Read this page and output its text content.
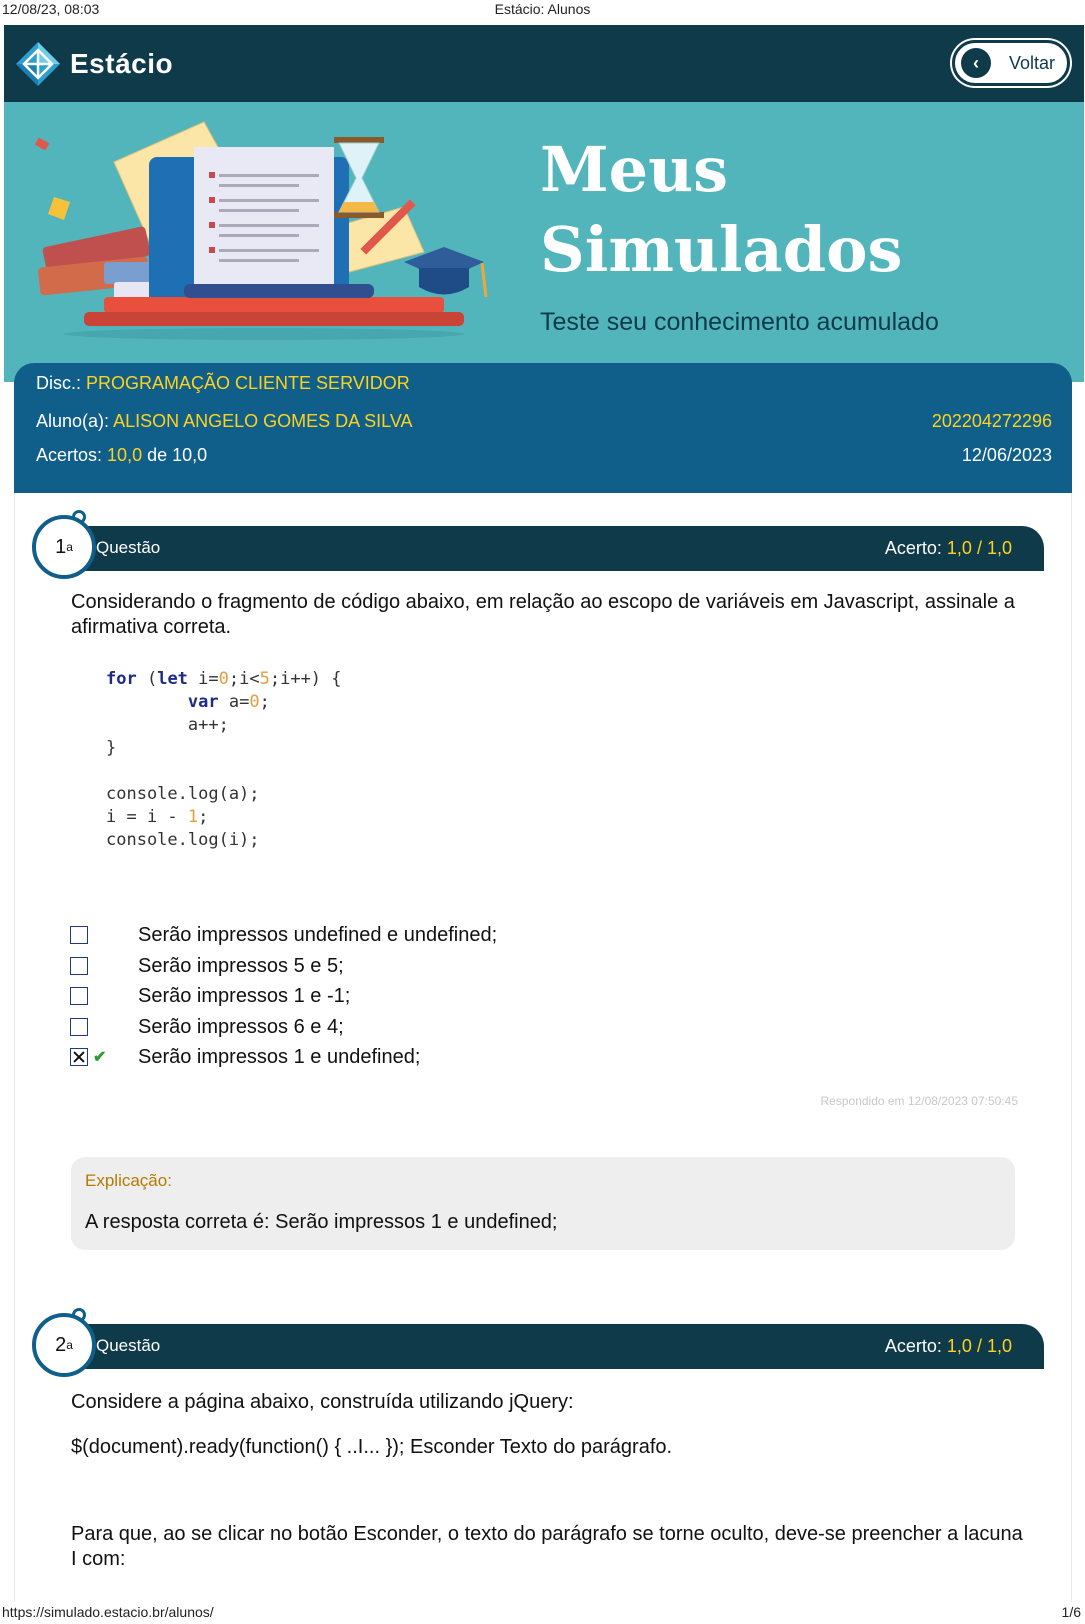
12/08/23, 08:03	Estácio: Alunos
Estácio	‹	Voltar
Meus
Simulados
Teste seu conhecimento acumulado
Disc.: PROGRAMAÇÃO CLIENTE SERVIDOR
Aluno(a): ALISON ANGELO GOMES DA SILVA	202204272296
Acertos: 10,0 de 10,0	12/06/2023
Questão	Acerto: 1,0 / 1,0
1 a
Considerando o fragmento de código abaixo, em relação ao escopo de variáveis em Javascript, assinale a afirmativa correta.
for (let i=0;i<5;i++) {
var a=0;
a++;
}

console.log(a);
i = i - 1;
console.log(i);
Serão impressos undefined e undefined;
Serão impressos 5 e 5;
Serão impressos 1 e -1;
Serão impressos 6 e 4;
✔ Serão impressos 1 e undefined;
Respondido em 12/08/2023 07:50:45
Explicação:
A resposta correta é: Serão impressos 1 e undefined;
Questão	Acerto: 1,0 / 1,0
2 a
Considere a página abaixo, construída utilizando jQuery:
$(document).ready(function() { ..I... }); Esconder Texto do parágrafo.
Para que, ao se clicar no botão Esconder, o texto do parágrafo se torne oculto, deve-se preencher a lacuna I com:
https://simulado.estacio.br/alunos/	1/6
